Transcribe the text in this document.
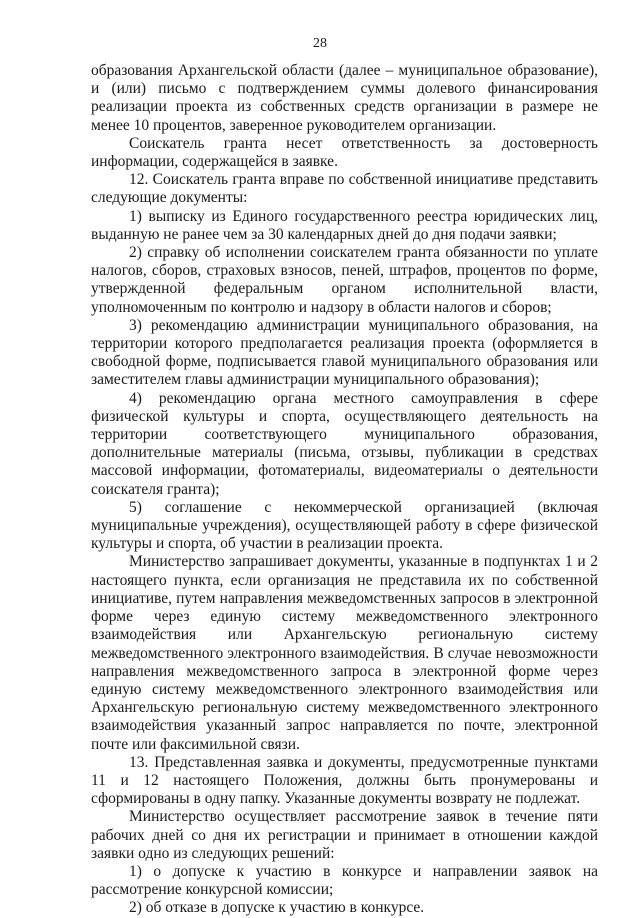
28

образования Архангельской области (далее – муниципальное образование), и (или) письмо с подтверждением суммы долевого финансирования реализации проекта из собственных средств организации в размере не менее 10 процентов, заверенное руководителем организации.

Соискатель гранта несет ответственность за достоверность информации, содержащейся в заявке.

12. Соискатель гранта вправе по собственной инициативе представить следующие документы:

1) выписку из Единого государственного реестра юридических лиц, выданную не ранее чем за 30 календарных дней до дня подачи заявки;

2) справку об исполнении соискателем гранта обязанности по уплате налогов, сборов, страховых взносов, пеней, штрафов, процентов по форме, утвержденной федеральным органом исполнительной власти, уполномоченным по контролю и надзору в области налогов и сборов;

3) рекомендацию администрации муниципального образования, на территории которого предполагается реализация проекта (оформляется в свободной форме, подписывается главой муниципального образования или заместителем главы администрации муниципального образования);

4) рекомендацию органа местного самоуправления в сфере физической культуры и спорта, осуществляющего деятельность на территории соответствующего муниципального образования, дополнительные материалы (письма, отзывы, публикации в средствах массовой информации, фотоматериалы, видеоматериалы о деятельности соискателя гранта);

5) соглашение с некоммерческой организацией (включая муниципальные учреждения), осуществляющей работу в сфере физической культуры и спорта, об участии в реализации проекта.

Министерство запрашивает документы, указанные в подпунктах 1 и 2 настоящего пункта, если организация не представила их по собственной инициативе, путем направления межведомственных запросов в электронной форме через единую систему межведомственного электронного взаимодействия или Архангельскую региональную систему межведомственного электронного взаимодействия. В случае невозможности направления межведомственного запроса в электронной форме через единую систему межведомственного электронного взаимодействия или Архангельскую региональную систему межведомственного электронного взаимодействия указанный запрос направляется по почте, электронной почте или факсимильной связи.

13. Представленная заявка и документы, предусмотренные пунктами 11 и 12 настоящего Положения, должны быть пронумерованы и сформированы в одну папку. Указанные документы возврату не подлежат.

Министерство осуществляет рассмотрение заявок в течение пяти рабочих дней со дня их регистрации и принимает в отношении каждой заявки одно из следующих решений:

1) о допуске к участию в конкурсе и направлении заявок на рассмотрение конкурсной комиссии;

2) об отказе в допуске к участию в конкурсе.
